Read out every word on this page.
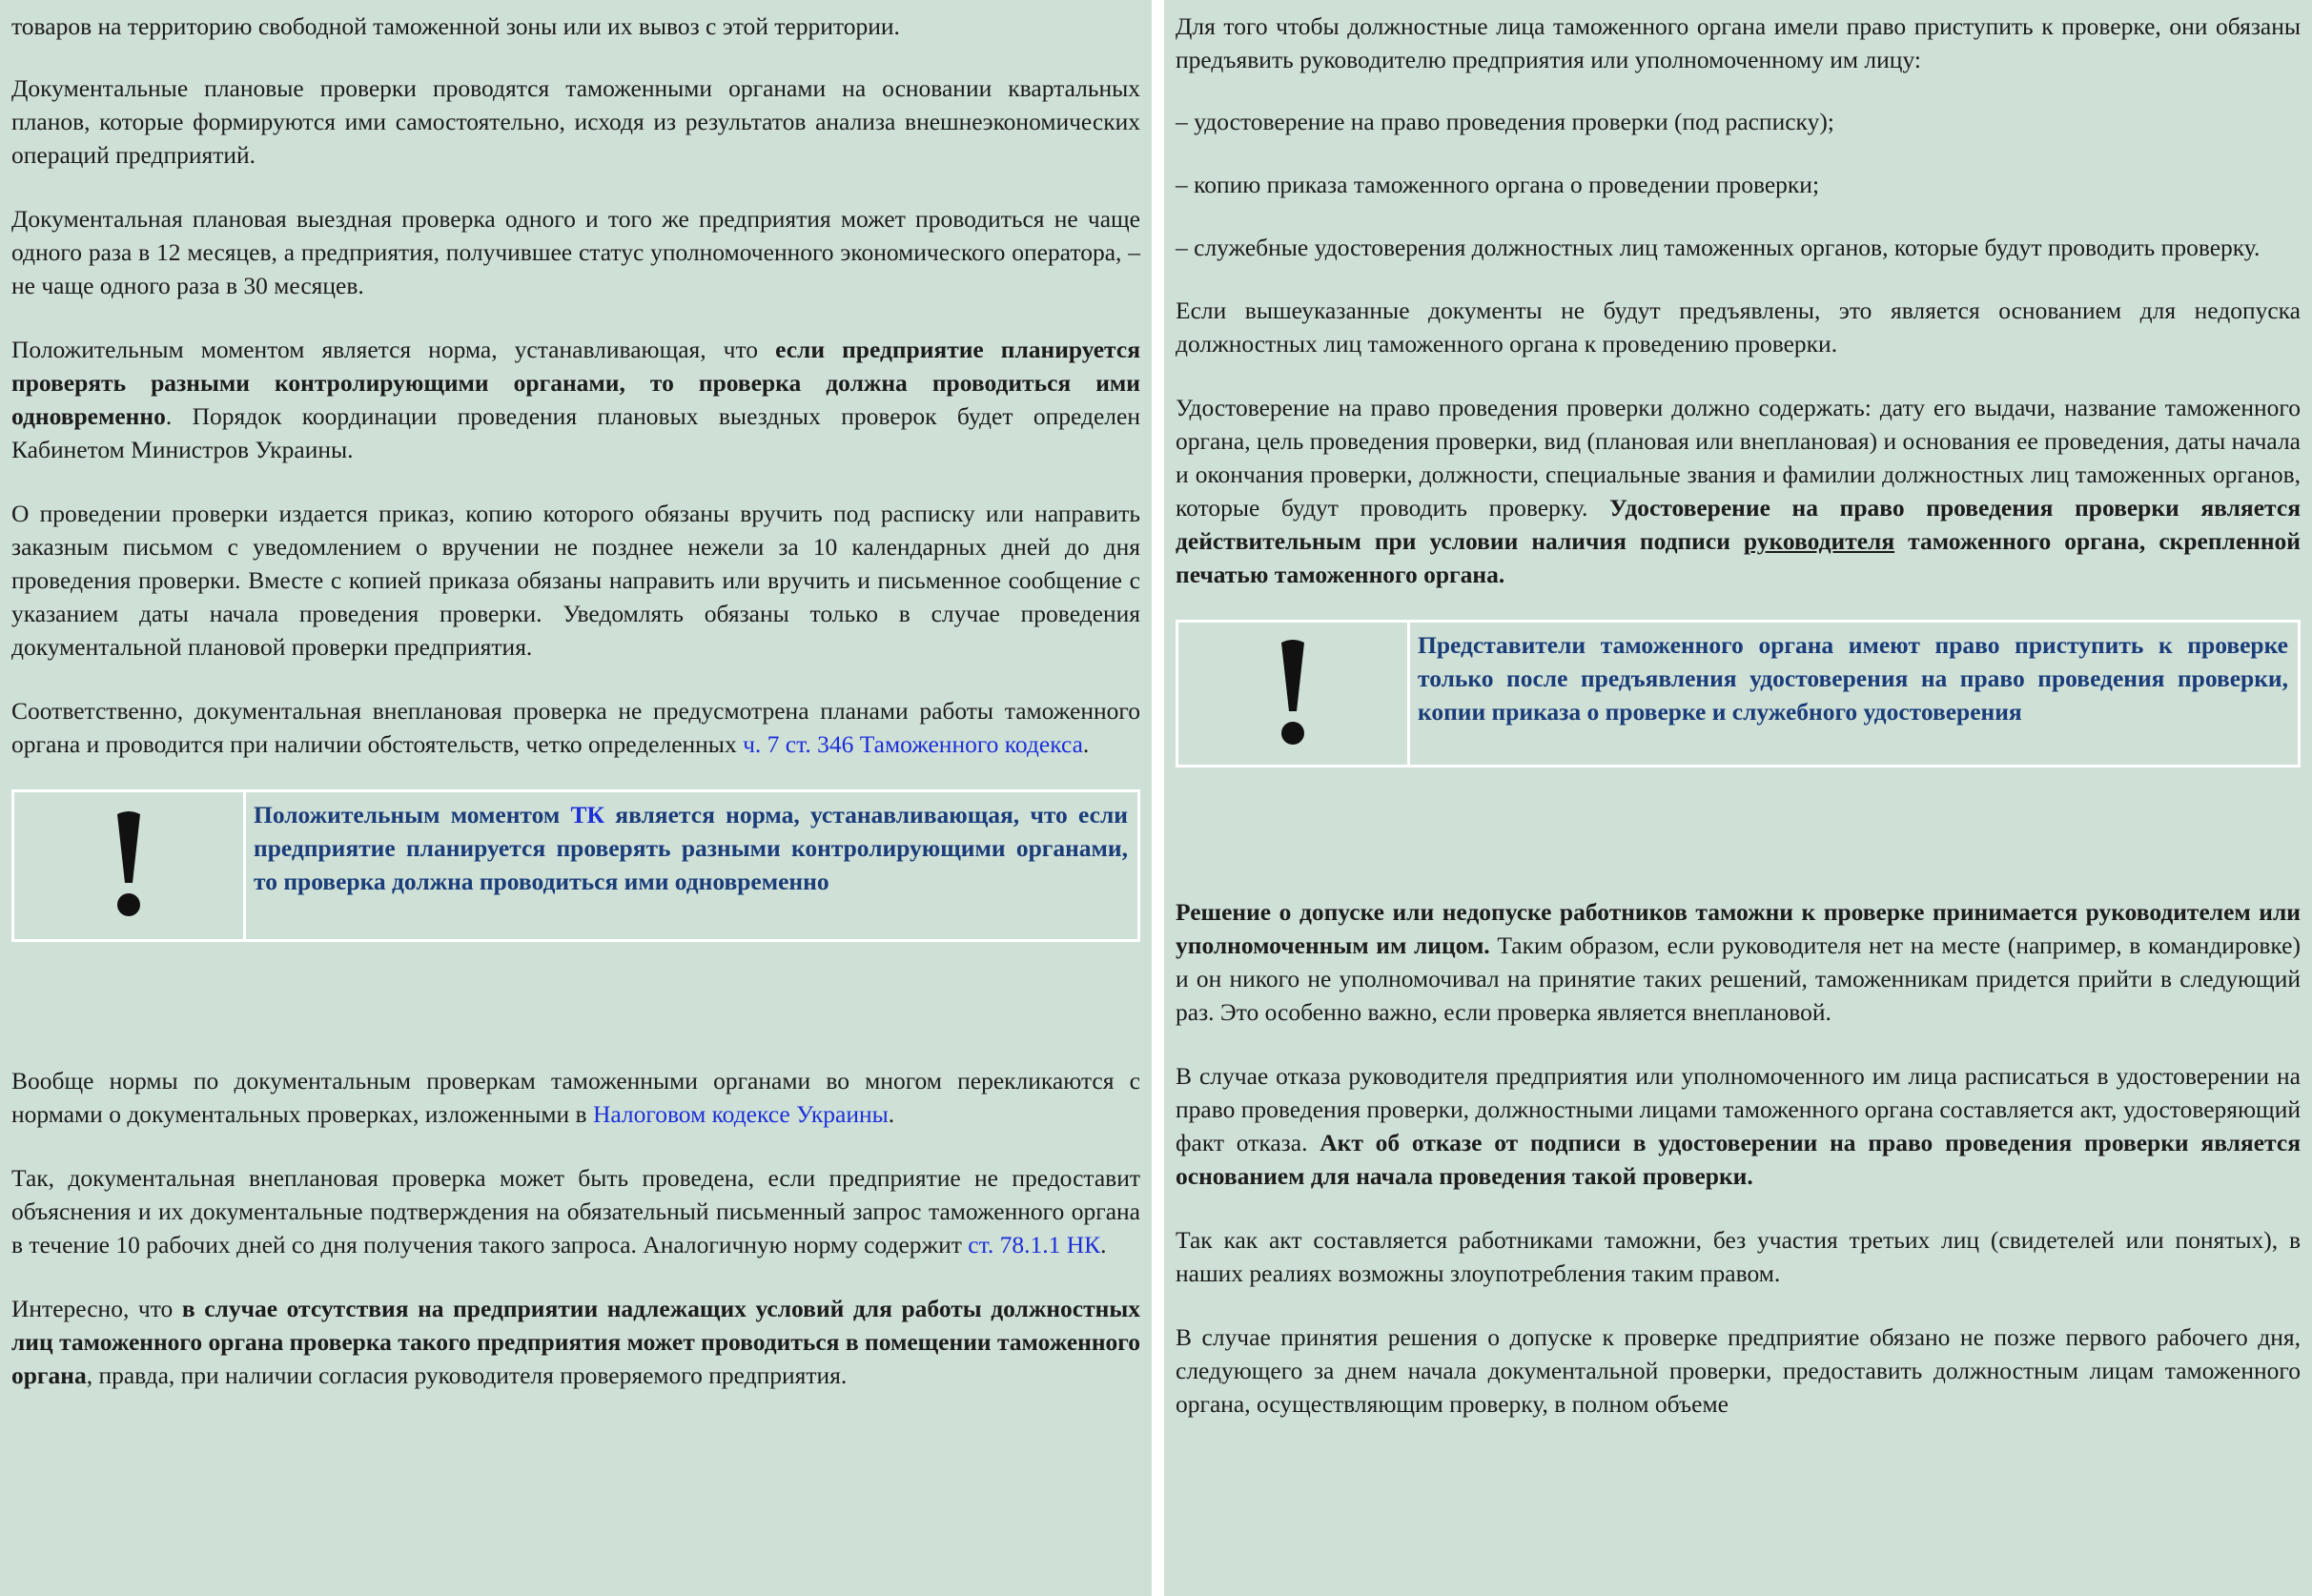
товаров на территорию свободной таможенной зоны или их вывоз с этой территории.

Документальные плановые проверки проводятся таможенными органами на основании квартальных планов, которые формируются ими самостоятельно, исходя из результатов анализа внешнеэкономических операций предприятий.

Документальная плановая выездная проверка одного и того же предприятия может проводиться не чаще одного раза в 12 месяцев, а предприятия, получившее статус уполномоченного экономического оператора, – не чаще одного раза в 30 месяцев.

Положительным моментом является норма, устанавливающая, что если предприятие планируется проверять разными контролирующими органами, то проверка должна проводиться ими одновременно. Порядок координации проведения плановых выездных проверок будет определен Кабинетом Министров Украины.

О проведении проверки издается приказ, копию которого обязаны вручить под расписку или направить заказным письмом с уведомлением о вручении не позднее нежели за 10 календарных дней до дня проведения проверки. Вместе с копией приказа обязаны направить или вручить и письменное сообщение с указанием даты начала проведения проверки. Уведомлять обязаны только в случае проведения документальной плановой проверки предприятия.

Соответственно, документальная внеплановая проверка не предусмотрена планами работы таможенного органа и проводится при наличии обстоятельств, четко определенных ч. 7 ст. 346 Таможенного кодекса.

Положительным моментом ТК является норма, устанавливающая, что если предприятие планируется проверять разными контролирующими органами, то проверка должна проводиться ими одновременно

Вообще нормы по документальным проверкам таможенными органами во многом перекликаются с нормами о документальных проверках, изложенными в Налоговом кодексе Украины.

Так, документальная внеплановая проверка может быть проведена, если предприятие не предоставит объяснения и их документальные подтверждения на обязательный письменный запрос таможенного органа в течение 10 рабочих дней со дня получения такого запроса. Аналогичную норму содержит ст. 78.1.1 НК.

Интересно, что в случае отсутствия на предприятии надлежащих условий для работы должностных лиц таможенного органа проверка такого предприятия может проводиться в помещении таможенного органа, правда, при наличии согласия руководителя проверяемого предприятия.

Для того чтобы должностные лица таможенного органа имели право приступить к проверке, они обязаны предъявить руководителю предприятия или уполномоченному им лицу:

– удостоверение на право проведения проверки (под расписку);

– копию приказа таможенного органа о проведении проверки;

– служебные удостоверения должностных лиц таможенных органов, которые будут проводить проверку.

Если вышеуказанные документы не будут предъявлены, это является основанием для недопуска должностных лиц таможенного органа к проведению проверки.

Удостоверение на право проведения проверки должно содержать: дату его выдачи, название таможенного органа, цель проведения проверки, вид (плановая или внеплановая) и основания ее проведения, даты начала и окончания проверки, должности, специальные звания и фамилии должностных лиц таможенных органов, которые будут проводить проверку. Удостоверение на право проведения проверки является действительным при условии наличия подписи руководителя таможенного органа, скрепленной печатью таможенного органа.

Представители таможенного органа имеют право приступить к проверке только после предъявления удостоверения на право проведения проверки, копии приказа о проверке и служебного удостоверения

Решение о допуске или недопуске работников таможни к проверке принимается руководителем или уполномоченным им лицом. Таким образом, если руководителя нет на месте (например, в командировке) и он никого не уполномочивал на принятие таких решений, таможенникам придется прийти в следующий раз. Это особенно важно, если проверка является внеплановой.

В случае отказа руководителя предприятия или уполномоченного им лица расписаться в удостоверении на право проведения проверки, должностными лицами таможенного органа составляется акт, удостоверяющий факт отказа. Акт об отказе от подписи в удостоверении на право проведения проверки является основанием для начала проведения такой проверки.

Так как акт составляется работниками таможни, без участия третьих лиц (свидетелей или понятых), в наших реалиях возможны злоупотребления таким правом.

В случае принятия решения о допуске к проверке предприятие обязано не позже первого рабочего дня, следующего за днем начала документальной проверки, предоставить должностным лицам таможенного органа, осуществляющим проверку, в полном объеме
